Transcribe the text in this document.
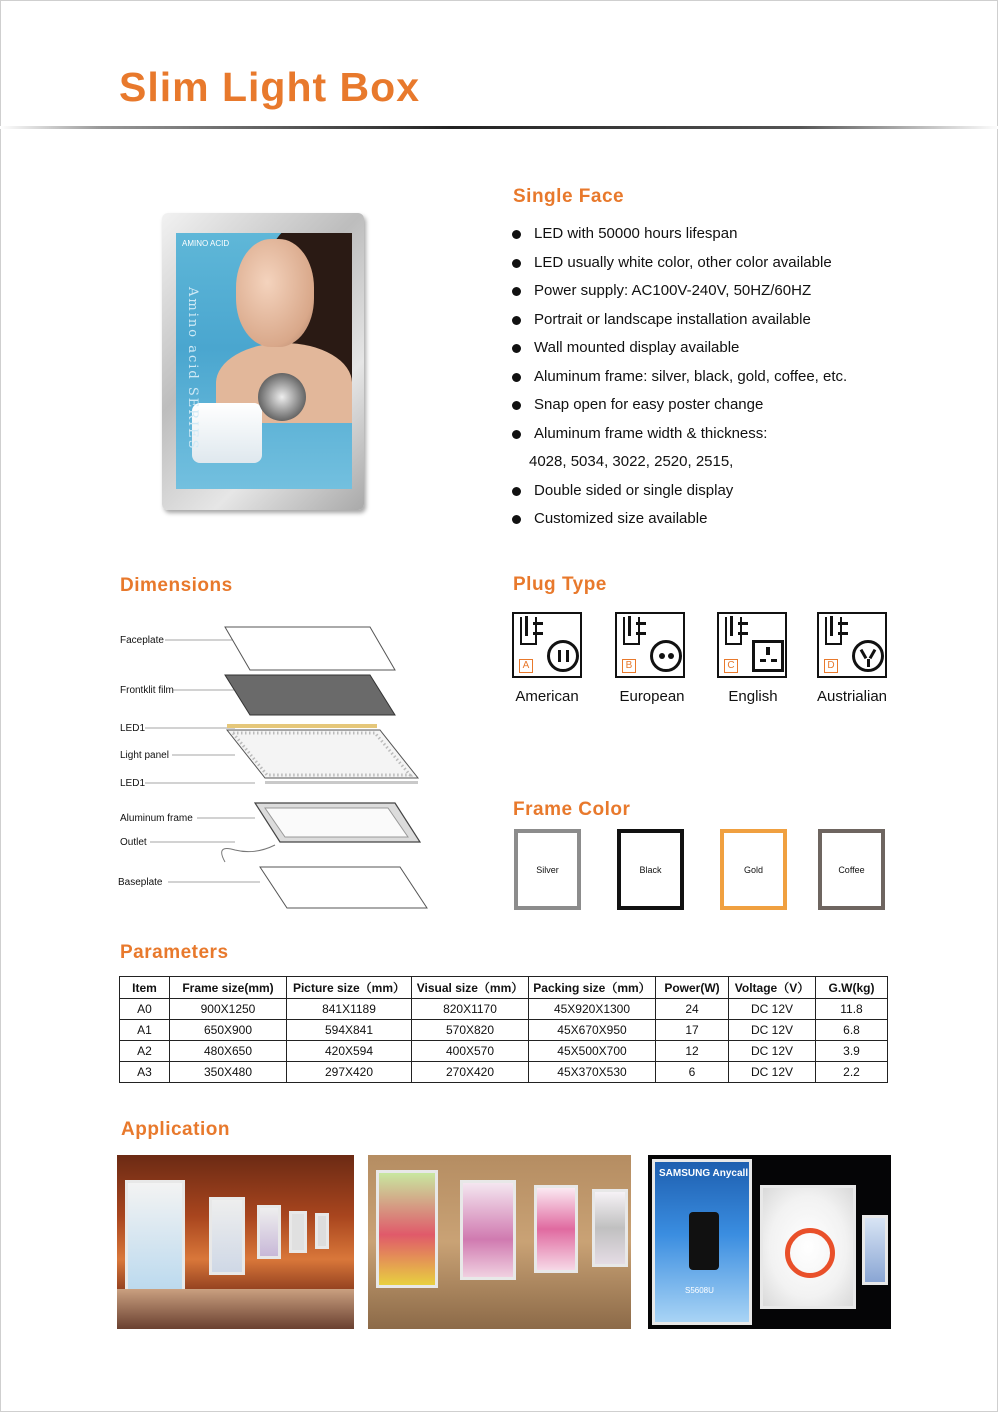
Slim Light Box
Amino acid SERIES
AMINO ACID
Single Face
LED with 50000 hours lifespan
LED usually white color, other color available
Power supply: AC100V-240V, 50HZ/60HZ
Portrait or landscape installation available
Wall mounted display available
Aluminum frame: silver, black, gold, coffee, etc.
Snap open for easy poster change
Aluminum frame width & thickness:
4028, 5034, 3022, 2520, 2515,
Double sided or single display
Customized size available
Dimensions
Faceplate
Frontklit film
LED1
Light panel
LED1
Aluminum frame
Outlet
Baseplate
Plug Type
A	B	C	D
American	European	English	Austrialian
Frame Color
Silver	Black	Gold	Coffee
Parameters
Item	Frame size(mm)	Picture size（mm）	Visual size（mm）	Packing size（mm）	Power(W)	Voltage（V）	G.W(kg)
A0	900X1250	841X1189	820X1170	45X920X1300	24	DC 12V	11.8
A1	650X900	594X841	570X820	45X670X950	17	DC 12V	6.8
A2	480X650	420X594	400X570	45X500X700	12	DC 12V	3.9
A3	350X480	297X420	270X420	45X370X530	6	DC 12V	2.2
Application
SAMSUNG Anycall
S5608U
